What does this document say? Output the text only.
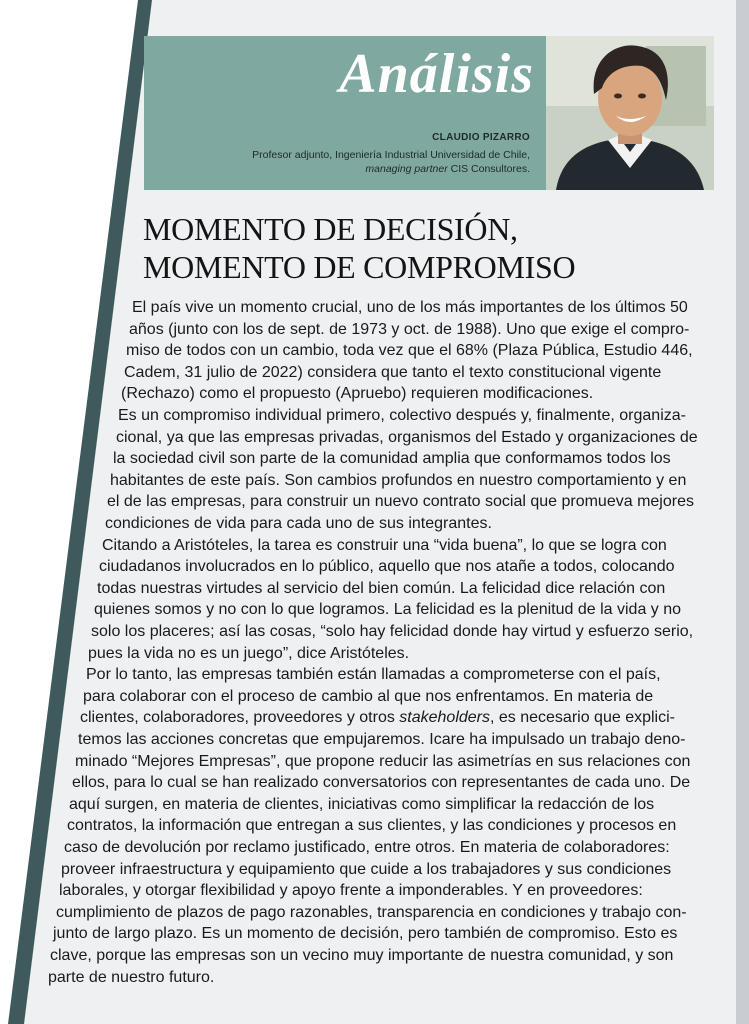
Análisis
CLAUDIO PIZARRO
Profesor adjunto, Ingeniería Industrial Universidad de Chile,
managing partner CIS Consultores.
MOMENTO DE DECISIÓN,
MOMENTO DE COMPROMISO
El país vive un momento crucial, uno de los más importantes de los últimos 50
años (junto con los de sept. de 1973 y oct. de 1988). Uno que exige el compro-
miso de todos con un cambio, toda vez que el 68% (Plaza Pública, Estudio 446,
Cadem, 31 julio de 2022) considera que tanto el texto constitucional vigente
(Rechazo) como el propuesto (Apruebo) requieren modificaciones.
Es un compromiso individual primero, colectivo después y, finalmente, organiza-
cional, ya que las empresas privadas, organismos del Estado y organizaciones de
la sociedad civil son parte de la comunidad amplia que conformamos todos los
habitantes de este país. Son cambios profundos en nuestro comportamiento y en
el de las empresas, para construir un nuevo contrato social que promueva mejores
condiciones de vida para cada uno de sus integrantes.
Citando a Aristóteles, la tarea es construir una “vida buena”, lo que se logra con
ciudadanos involucrados en lo público, aquello que nos atañe a todos, colocando
todas nuestras virtudes al servicio del bien común. La felicidad dice relación con
quienes somos y no con lo que logramos. La felicidad es la plenitud de la vida y no
solo los placeres; así las cosas, “solo hay felicidad donde hay virtud y esfuerzo serio,
pues la vida no es un juego”, dice Aristóteles.
Por lo tanto, las empresas también están llamadas a comprometerse con el país,
para colaborar con el proceso de cambio al que nos enfrentamos. En materia de
clientes, colaboradores, proveedores y otros stakeholders, es necesario que explici-
temos las acciones concretas que empujaremos. Icare ha impulsado un trabajo deno-
minado “Mejores Empresas”, que propone reducir las asimetrías en sus relaciones con
ellos, para lo cual se han realizado conversatorios con representantes de cada uno. De
aquí surgen, en materia de clientes, iniciativas como simplificar la redacción de los
contratos, la información que entregan a sus clientes, y las condiciones y procesos en
caso de devolución por reclamo justificado, entre otros. En materia de colaboradores:
proveer infraestructura y equipamiento que cuide a los trabajadores y sus condiciones
laborales, y otorgar flexibilidad y apoyo frente a imponderables. Y en proveedores:
cumplimiento de plazos de pago razonables, transparencia en condiciones y trabajo con-
junto de largo plazo. Es un momento de decisión, pero también de compromiso. Esto es
clave, porque las empresas son un vecino muy importante de nuestra comunidad, y son
parte de nuestro futuro.
